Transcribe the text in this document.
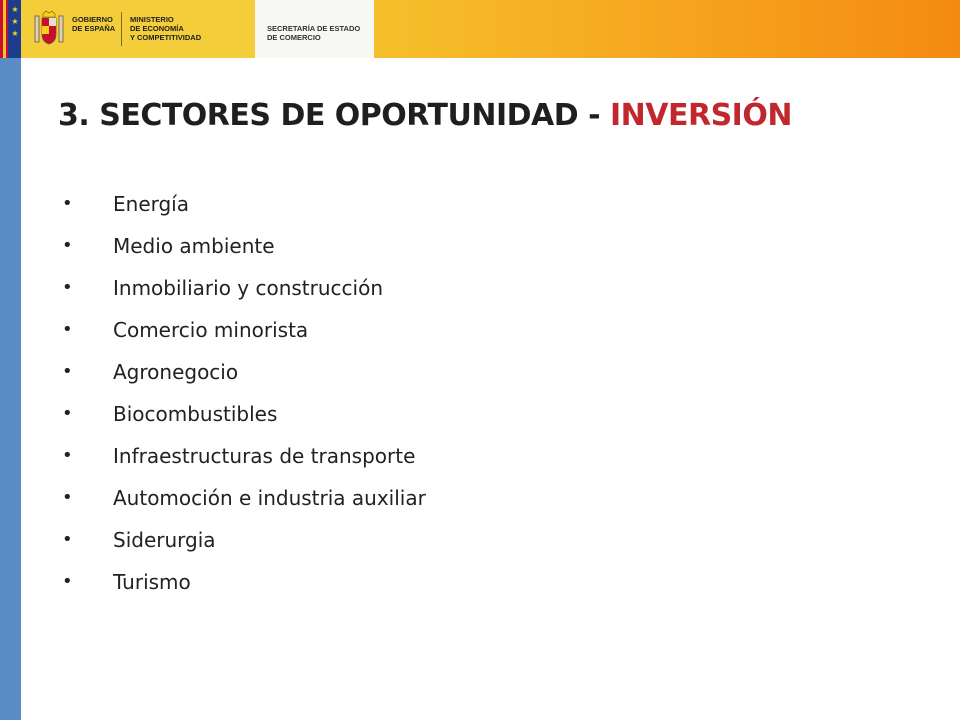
★
★
★
GOBIERNO
DE ESPAÑA
MINISTERIO
DE ECONOMÍA
Y COMPETITIVIDAD
SECRETARÍA DE ESTADO
DE COMERCIO
3. SECTORES DE OPORTUNIDAD - INVERSIÓN
• Energía
• Medio ambiente
• Inmobiliario y construcción
• Comercio minorista
• Agronegocio
• Biocombustibles
• Infraestructuras de transporte
• Automoción e industria auxiliar
• Siderurgia
• Turismo
